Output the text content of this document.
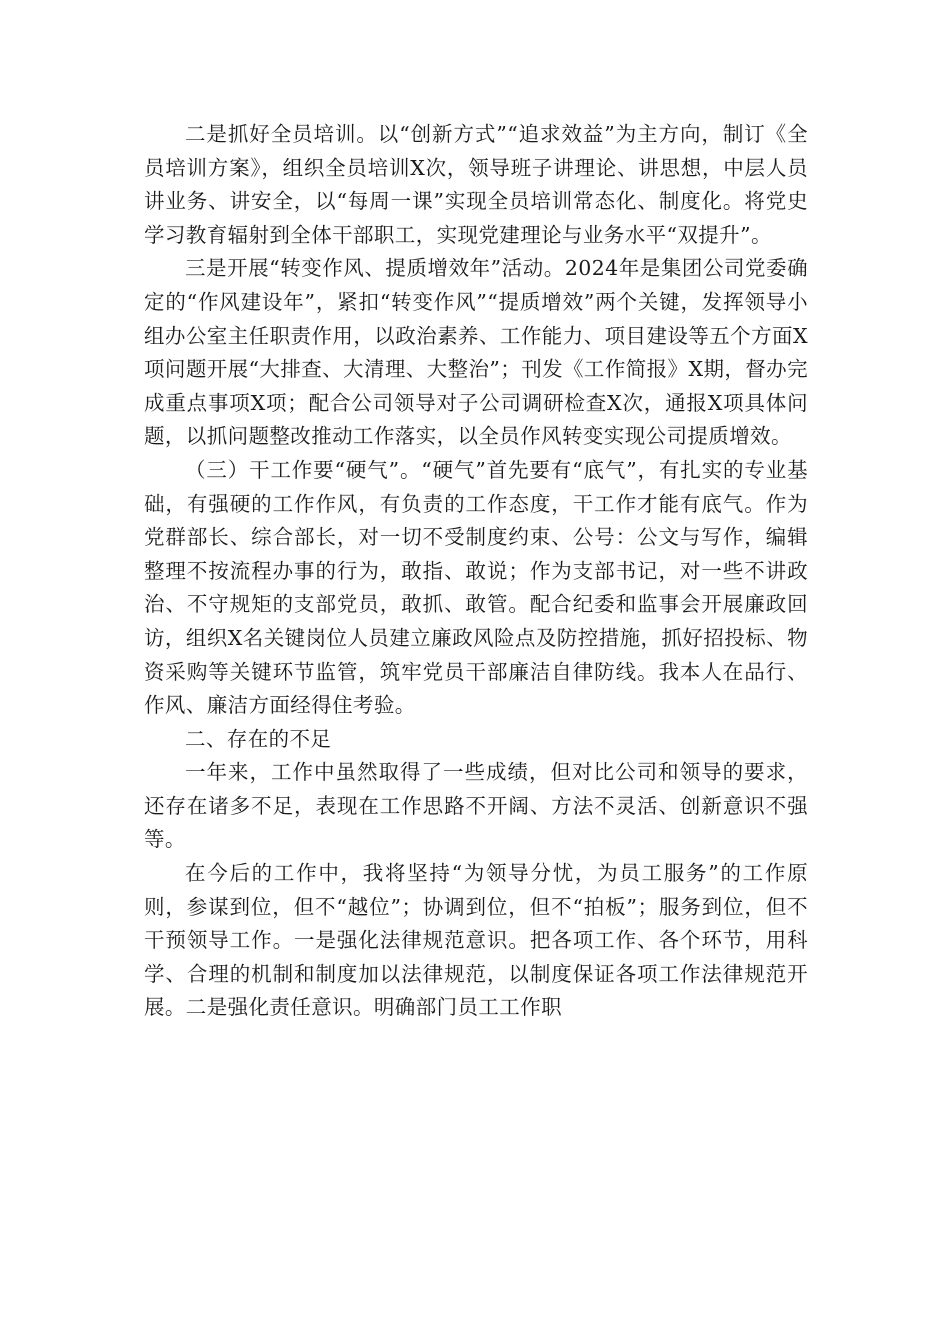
二是抓好全员培训。以“创新方式”“追求效益”为主方向，制订《全员培训方案》，组织全员培训X次，领导班子讲理论、讲思想，中层人员讲业务、讲安全，以“每周一课”实现全员培训常态化、制度化。将党史学习教育辐射到全体干部职工，实现党建理论与业务水平“双提升”。

三是开展“转变作风、提质增效年”活动。2024年是集团公司党委确定的“作风建设年”，紧扣“转变作风”“提质增效”两个关键，发挥领导小组办公室主任职责作用，以政治素养、工作能力、项目建设等五个方面X项问题开展“大排查、大清理、大整治”；刊发《工作简报》X期，督办完成重点事项X项；配合公司领导对子公司调研检查X次，通报X项具体问题，以抓问题整改推动工作落实，以全员作风转变实现公司提质增效。

（三）干工作要“硬气”。“硬气”首先要有“底气”，有扎实的专业基础，有强硬的工作作风，有负责的工作态度，干工作才能有底气。作为党群部长、综合部长，对一切不受制度约束、公号：公文与写作，编辑整理不按流程办事的行为，敢指、敢说；作为支部书记，对一些不讲政治、不守规矩的支部党员，敢抓、敢管。配合纪委和监事会开展廉政回访，组织X名关键岗位人员建立廉政风险点及防控措施，抓好招投标、物资采购等关键环节监管，筑牢党员干部廉洁自律防线。我本人在品行、作风、廉洁方面经得住考验。

二、存在的不足

一年来，工作中虽然取得了一些成绩，但对比公司和领导的要求，还存在诸多不足，表现在工作思路不开阔、方法不灵活、创新意识不强等。

在今后的工作中，我将坚持“为领导分忧，为员工服务”的工作原则，参谋到位，但不“越位”；协调到位，但不“拍板”；服务到位，但不干预领导工作。一是强化法律规范意识。把各项工作、各个环节，用科学、合理的机制和制度加以法律规范，以制度保证各项工作法律规范开展。二是强化责任意识。明确部门员工工作职
